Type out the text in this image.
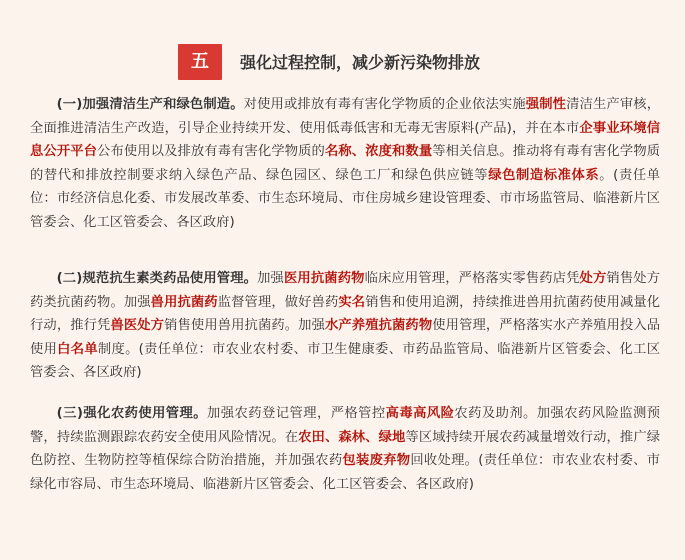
五	强化过程控制，减少新污染物排放

(一)加强清洁生产和绿色制造。对使用或排放有毒有害化学物质的企业依法实施强制性清洁生产审核，全面推进清洁生产改造，引导企业持续开发、使用低毒低害和无毒无害原料(产品)，并在本市企事业环境信息公开平台公布使用以及排放有毒有害化学物质的名称、浓度和数量等相关信息。推动将有毒有害化学物质的替代和排放控制要求纳入绿色产品、绿色园区、绿色工厂和绿色供应链等绿色制造标准体系。(责任单位：市经济信息化委、市发展改革委、市生态环境局、市住房城乡建设管理委、市市场监管局、临港新片区管委会、化工区管委会、各区政府)

(二)规范抗生素类药品使用管理。加强医用抗菌药物临床应用管理，严格落实零售药店凭处方销售处方药类抗菌药物。加强兽用抗菌药监督管理，做好兽药实名销售和使用追溯，持续推进兽用抗菌药使用减量化行动，推行凭兽医处方销售使用兽用抗菌药。加强水产养殖抗菌药物使用管理，严格落实水产养殖用投入品使用白名单制度。(责任单位：市农业农村委、市卫生健康委、市药品监管局、临港新片区管委会、化工区管委会、各区政府)

(三)强化农药使用管理。加强农药登记管理，严格管控高毒高风险农药及助剂。加强农药风险监测预警，持续监测跟踪农药安全使用风险情况。在农田、森林、绿地等区域持续开展农药减量增效行动，推广绿色防控、生物防控等植保综合防治措施，并加强农药包装废弃物回收处理。(责任单位：市农业农村委、市绿化市容局、市生态环境局、临港新片区管委会、化工区管委会、各区政府)
